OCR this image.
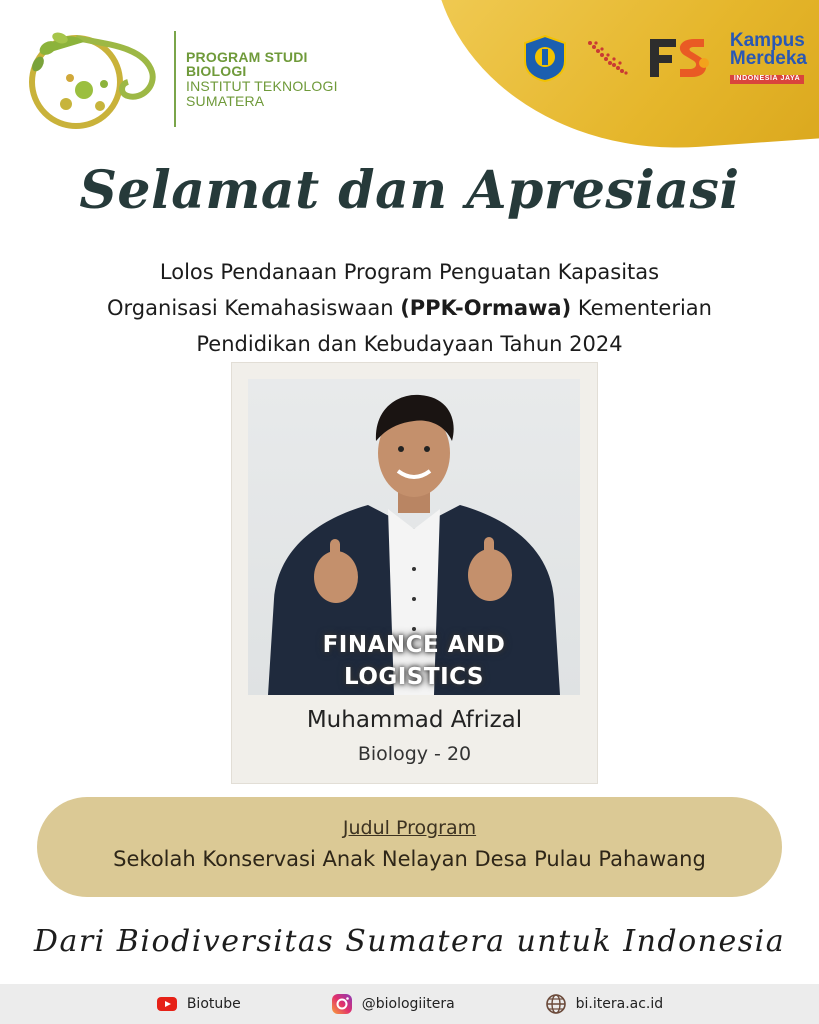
PROGRAM STUDI
BIOLOGI
INSTITUT TEKNOLOGI
SUMATERA
Kampus
Merdeka
INDONESIA JAYA
Selamat dan Apresiasi
Lolos Pendanaan Program Penguatan Kapasitas
Organisasi Kemahasiswaan (PPK-Ormawa) Kementerian
Pendidikan dan Kebudayaan Tahun 2024
FINANCE AND
LOGISTICS
Muhammad Afrizal
Biology - 20
Judul Program
Sekolah Konservasi Anak Nelayan Desa Pulau Pahawang
Dari Biodiversitas Sumatera untuk Indonesia
Biotube	@biologiitera	bi.itera.ac.id
